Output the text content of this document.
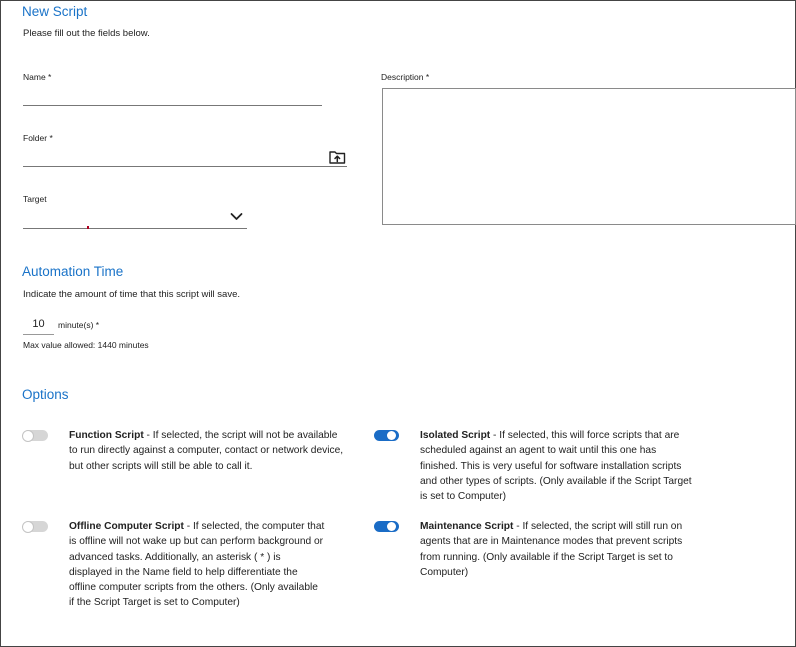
New Script
Please fill out the fields below.
Name *
Folder *
Target
Description *
Automation Time
Indicate the amount of time that this script will save.
10	minute(s) *
Max value allowed: 1440 minutes
Options
Function Script - If selected, the script will not be available to run directly against a computer, contact or network device, but other scripts will still be able to call it.
Isolated Script - If selected, this will force scripts that are scheduled against an agent to wait until this one has finished. This is very useful for software installation scripts and other types of scripts. (Only available if the Script Target is set to Computer)
Offline Computer Script - If selected, the computer that is offline will not wake up but can perform background or advanced tasks. Additionally, an asterisk ( * ) is displayed in the Name field to help differentiate the offline computer scripts from the others. (Only available if the Script Target is set to Computer)
Maintenance Script - If selected, the script will still run on agents that are in Maintenance modes that prevent scripts from running. (Only available if the Script Target is set to Computer)
